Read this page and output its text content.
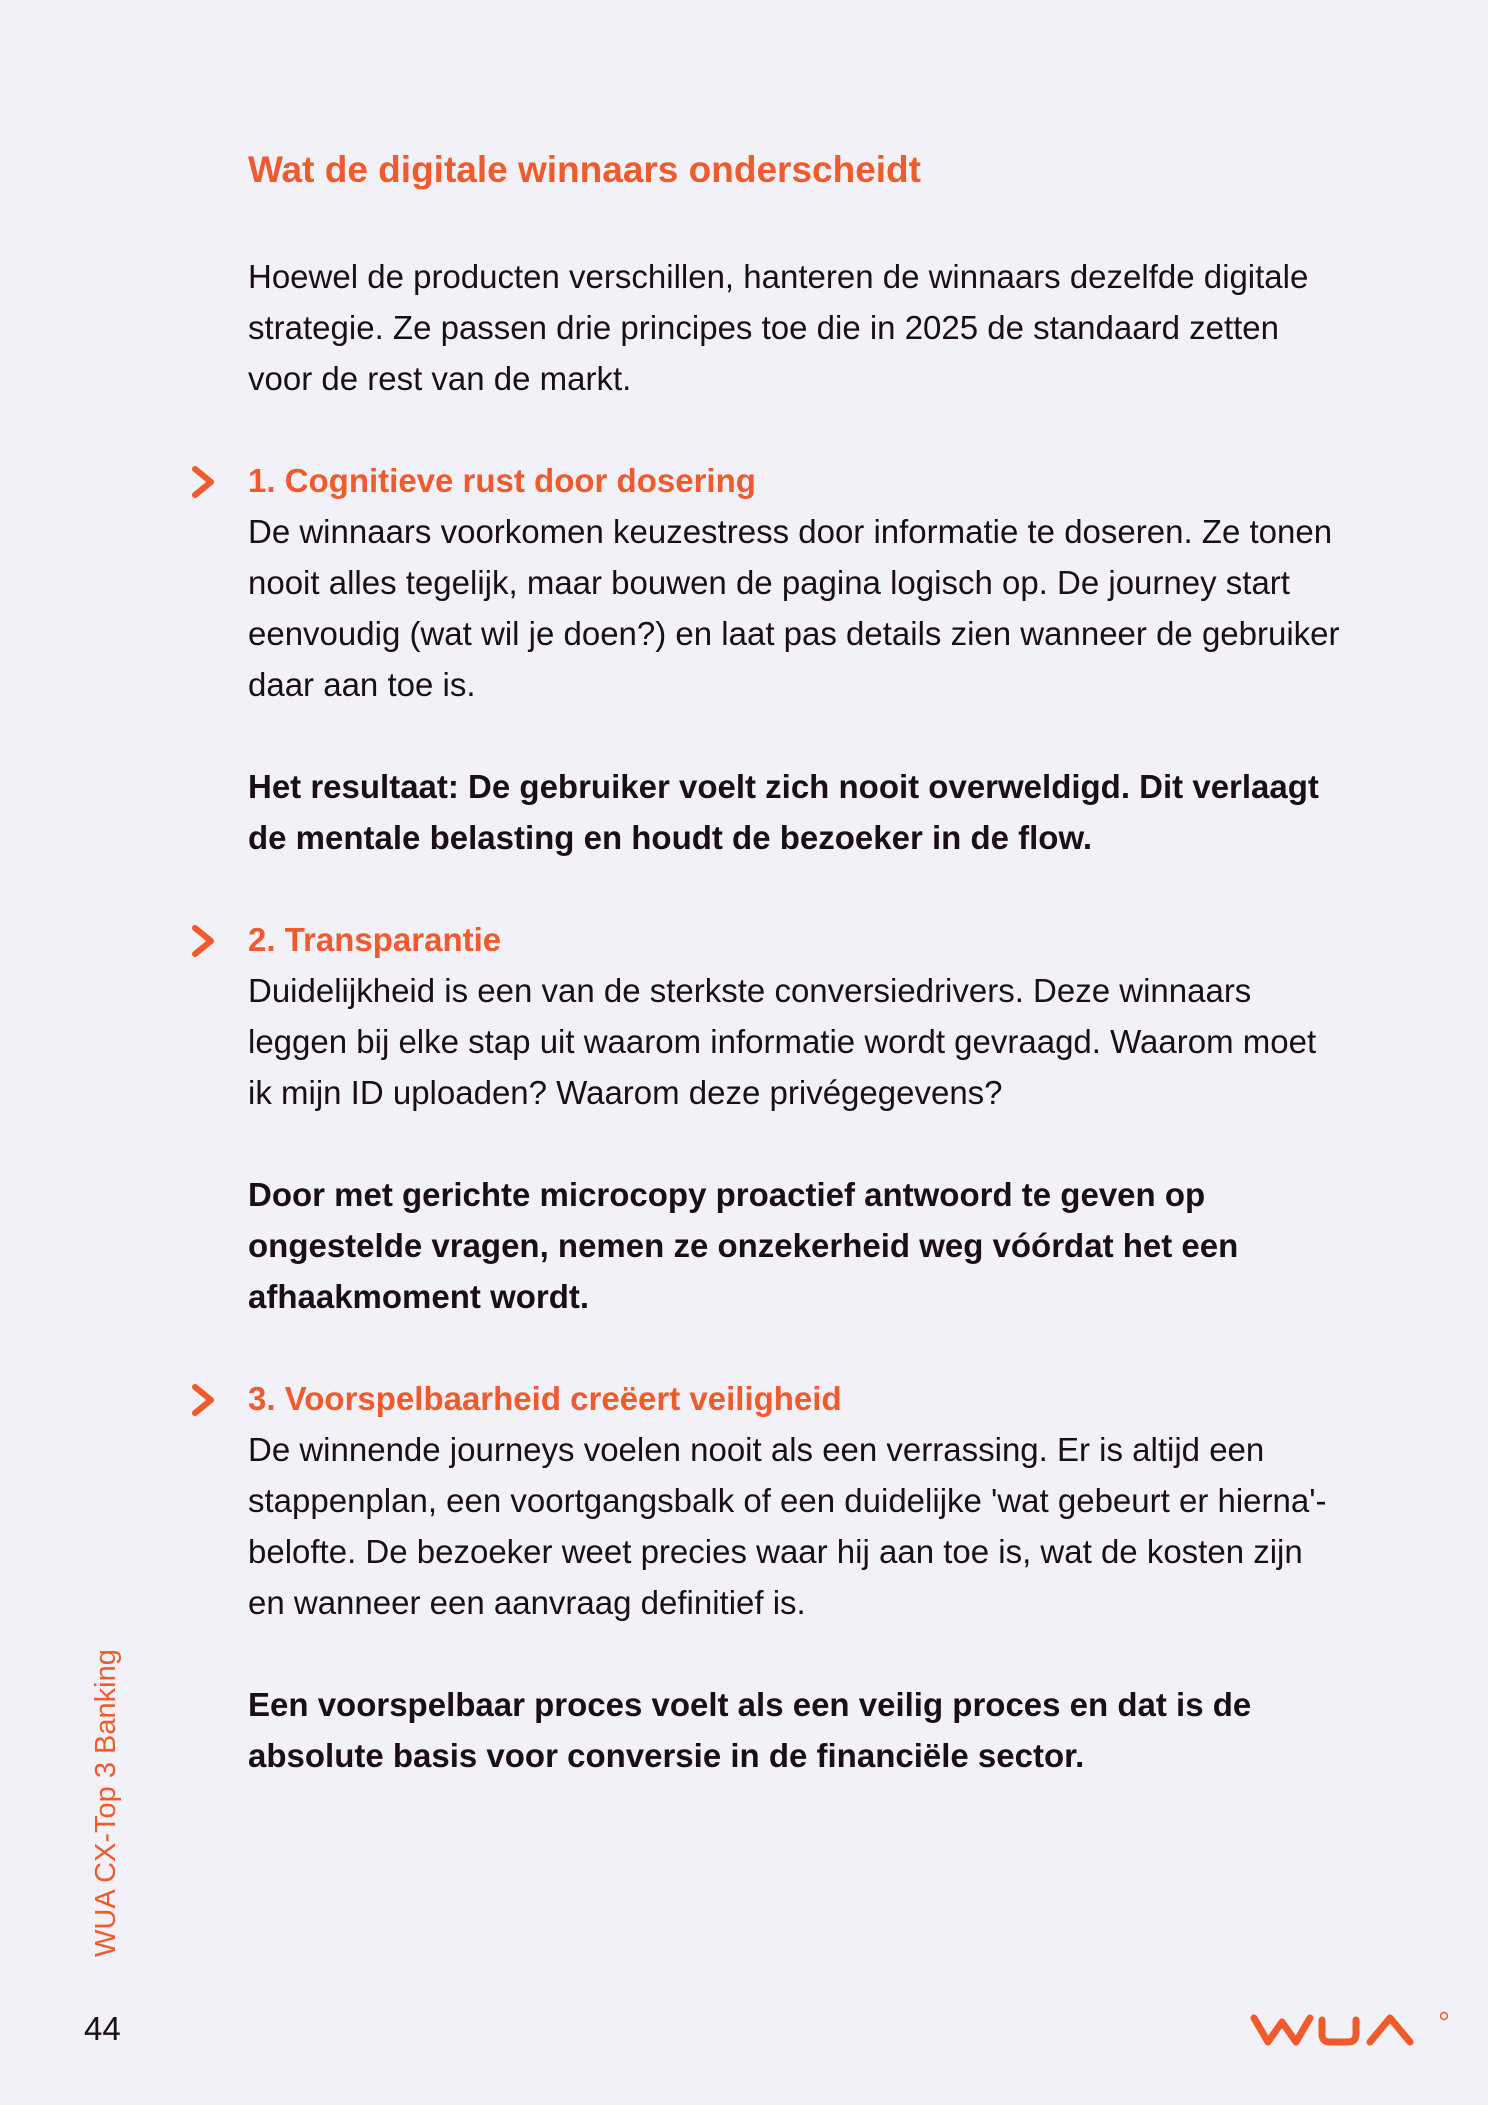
Wat de digitale winnaars onderscheidt

Hoewel de producten verschillen, hanteren de winnaars dezelfde digitale strategie. Ze passen drie principes toe die in 2025 de standaard zetten voor de rest van de markt.

1. Cognitieve rust door dosering

De winnaars voorkomen keuzestress door informatie te doseren. Ze tonen nooit alles tegelijk, maar bouwen de pagina logisch op. De journey start eenvoudig (wat wil je doen?) en laat pas details zien wanneer de gebruiker daar aan toe is.

Het resultaat: De gebruiker voelt zich nooit overweldigd. Dit verlaagt de mentale belasting en houdt de bezoeker in de flow.

2. Transparantie

Duidelijkheid is een van de sterkste conversiedrivers. Deze winnaars leggen bij elke stap uit waarom informatie wordt gevraagd. Waarom moet ik mijn ID uploaden? Waarom deze privégegevens?

Door met gerichte microcopy proactief antwoord te geven op ongestelde vragen, nemen ze onzekerheid weg vóórdat het een afhaakmoment wordt.

3. Voorspelbaarheid creëert veiligheid

De winnende journeys voelen nooit als een verrassing. Er is altijd een stappenplan, een voortgangsbalk of een duidelijke 'wat gebeurt er hierna'-belofte. De bezoeker weet precies waar hij aan toe is, wat de kosten zijn en wanneer een aanvraag definitief is.

Een voorspelbaar proces voelt als een veilig proces en dat is de absolute basis voor conversie in de financiële sector.

WUA CX-Top 3 Banking
44
